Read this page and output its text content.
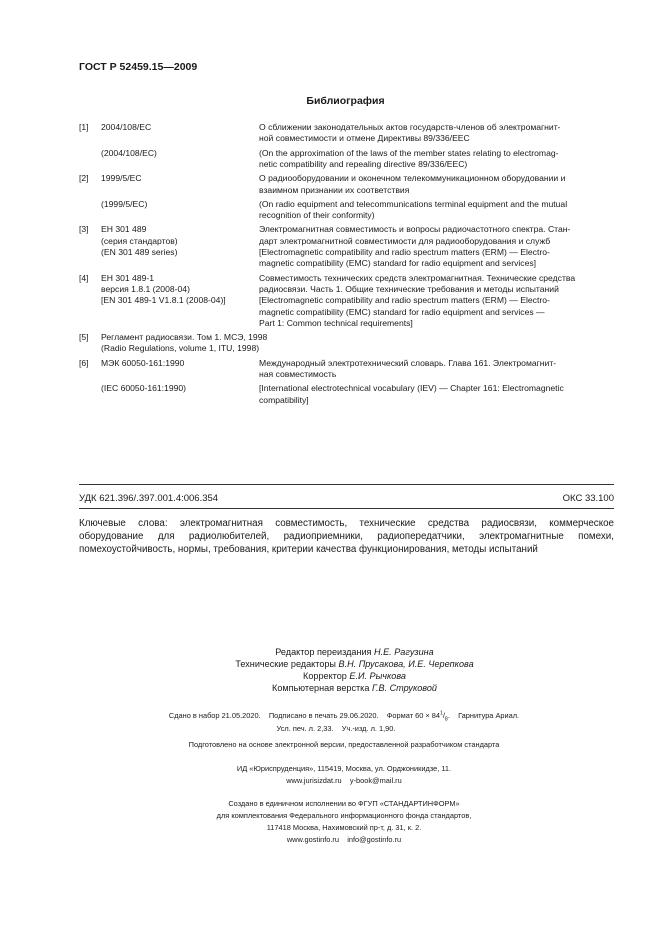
ГОСТ Р 52459.15—2009
Библиография
[1] 2004/108/EC	О сближении законодательных актов государств-членов об электромагнит-
ной совместимости и отмене Директивы 89/336/EEC
(2004/108/EC)	(On the approximation of the laws of the member states relating to electromag-
netic compatibility and repealing directive 89/336/EEC)
[2] 1999/5/EC	О радиооборудовании и оконечном телекоммуникационном оборудовании и
взаимном признании их соответствия
(1999/5/EC)	(On radio equipment and telecommunications terminal equipment and the mutual
recognition of their conformity)
[3] EH 301 489	Электромагнитная совместимость и вопросы радиочастотного спектра. Стан-
(серия стандартов)	дарт электромагнитной совместимости для радиооборудования и служб
(EN 301 489 series)	[Electromagnetic compatibility and radio spectrum matters (ERM) — Electro-
magnetic compatibility (EMC) standard for radio equipment and services]
[4] EH 301 489-1	Совместимость технических средств электромагнитная. Технические средства
версия 1.8.1 (2008-04)	радиосвязи. Часть 1. Общие технические требования и методы испытаний
[EN 301 489-1 V1.8.1 (2008-04)]	[Electromagnetic compatibility and radio spectrum matters (ERM) — Electro-
magnetic compatibility (EMC) standard for radio equipment and services —
Part 1: Common technical requirements]
[5] Регламент радиосвязи. Том 1. МСЭ, 1998
(Radio Regulations, volume 1, ITU, 1998)
[6] МЭК 60050-161:1990	Международный электротехнический словарь. Глава 161. Электромагнит-
ная совместимость
(IEC 60050-161:1990)	[International electrotechnical vocabulary (IEV) — Chapter 161: Electromagnetic
compatibility]
УДК 621.396/.397.001.4:006.354	ОКС 33.100
Ключевые слова: электромагнитная совместимость, технические средства радиосвязи, коммерческое
оборудование для радиолюбителей, радиоприемники, радиопередатчики, электромагнитные помехи,
помехоустойчивость, нормы, требования, критерии качества функционирования, методы испытаний
Редактор переиздания Н.Е. Рагузина
Технические редакторы В.Н. Прусакова, И.Е. Черепкова
Корректор Е.И. Рычкова
Компьютерная верстка Г.В. Струковой
Сдано в набор 21.05.2020. Подписано в печать 29.06.2020. Формат $60 \times 84^1/_8$.    Гарнитура Ариал.
Усл. печ. л. 2,33. Уч.-изд. л. 1,90.
Подготовлено на основе электронной версии, предоставленной разработчиком стандарта
ИД «Юриспруденция», 115419, Москва, ул. Орджоникидзе, 11.
www.jurisizdat.ru y-book@mail.ru
Создано в единичном исполнении во ФГУП «СТАНДАРТИНФОРМ»
для комплектования Федерального информационного фонда стандартов,
117418 Москва, Нахимовский пр-т, д. 31, к. 2.
www.gostinfo.ru info@gostinfo.ru
